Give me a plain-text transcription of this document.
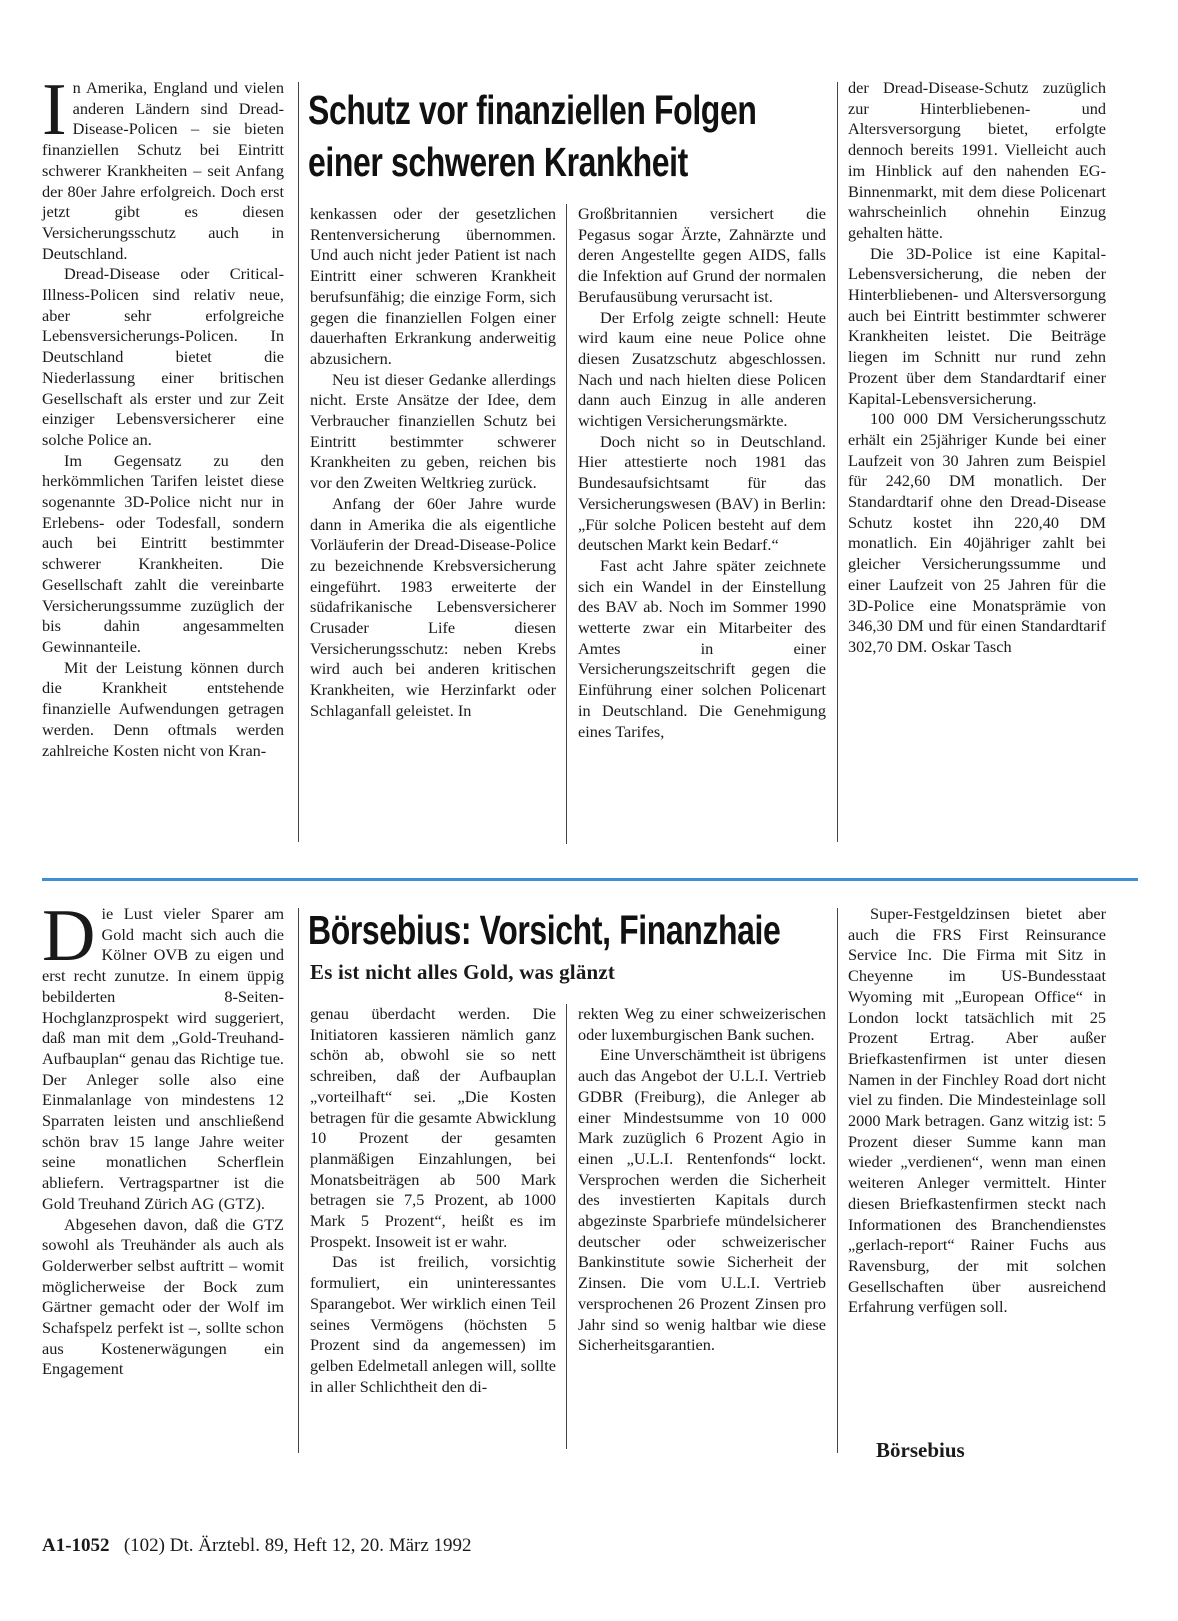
In Amerika, England und vielen anderen Ländern sind Dread-Disease-Policen – sie bieten finanziellen Schutz bei Eintritt schwerer Krankheiten – seit Anfang der 80er Jahre erfolgreich. Doch erst jetzt gibt es diesen Versicherungsschutz auch in Deutschland.

Dread-Disease oder Critical-Illness-Policen sind relativ neue, aber sehr erfolgreiche Lebensversicherungs-Policen. In Deutschland bietet die Niederlassung einer britischen Gesellschaft als erster und zur Zeit einziger Lebensversicherer eine solche Police an.

Im Gegensatz zu den herkömmlichen Tarifen leistet diese sogenannte 3D-Police nicht nur in Erlebens- oder Todesfall, sondern auch bei Eintritt bestimmter schwerer Krankheiten. Die Gesellschaft zahlt die vereinbarte Versicherungssumme zuzüglich der bis dahin angesammelten Gewinnanteile.

Mit der Leistung können durch die Krankheit entstehende finanzielle Aufwendungen getragen werden. Denn oftmals werden zahlreiche Kosten nicht von Kran-

Schutz vor finanziellen Folgen
einer schweren Krankheit

kenkassen oder der gesetzlichen Rentenversicherung übernommen. Und auch nicht jeder Patient ist nach Eintritt einer schweren Krankheit berufsunfähig; die einzige Form, sich gegen die finanziellen Folgen einer dauerhaften Erkrankung anderweitig abzusichern.

Neu ist dieser Gedanke allerdings nicht. Erste Ansätze der Idee, dem Verbraucher finanziellen Schutz bei Eintritt bestimmter schwerer Krankheiten zu geben, reichen bis vor den Zweiten Weltkrieg zurück.

Anfang der 60er Jahre wurde dann in Amerika die als eigentliche Vorläuferin der Dread-Disease-Police zu bezeichnende Krebsversicherung eingeführt. 1983 erweiterte der südafrikanische Lebensversicherer Crusader Life diesen Versicherungsschutz: neben Krebs wird auch bei anderen kritischen Krankheiten, wie Herzinfarkt oder Schlaganfall geleistet. In

Großbritannien versichert die Pegasus sogar Ärzte, Zahnärzte und deren Angestellte gegen AIDS, falls die Infektion auf Grund der normalen Berufausübung verursacht ist.

Der Erfolg zeigte schnell: Heute wird kaum eine neue Police ohne diesen Zusatzschutz abgeschlossen. Nach und nach hielten diese Policen dann auch Einzug in alle anderen wichtigen Versicherungsmärkte.

Doch nicht so in Deutschland. Hier attestierte noch 1981 das Bundesaufsichtsamt für das Versicherungswesen (BAV) in Berlin: „Für solche Policen besteht auf dem deutschen Markt kein Bedarf.“

Fast acht Jahre später zeichnete sich ein Wandel in der Einstellung des BAV ab. Noch im Sommer 1990 wetterte zwar ein Mitarbeiter des Amtes in einer Versicherungszeitschrift gegen die Einführung einer solchen Policenart in Deutschland. Die Genehmigung eines Tarifes,

der Dread-Disease-Schutz zuzüglich zur Hinterbliebenen- und Altersversorgung bietet, erfolgte dennoch bereits 1991. Vielleicht auch im Hinblick auf den nahenden EG-Binnenmarkt, mit dem diese Policenart wahrscheinlich ohnehin Einzug gehalten hätte.

Die 3D-Police ist eine Kapital-Lebensversicherung, die neben der Hinterbliebenen- und Altersversorgung auch bei Eintritt bestimmter schwerer Krankheiten leistet. Die Beiträge liegen im Schnitt nur rund zehn Prozent über dem Standardtarif einer Kapital-Lebensversicherung.

100 000 DM Versicherungsschutz erhält ein 25jähriger Kunde bei einer Laufzeit von 30 Jahren zum Beispiel für 242,60 DM monatlich. Der Standardtarif ohne den Dread-Disease Schutz kostet ihn 220,40 DM monatlich. Ein 40jähriger zahlt bei gleicher Versicherungssumme und einer Laufzeit von 25 Jahren für die 3D-Police eine Monatsprämie von 346,30 DM und für einen Standardtarif 302,70 DM. Oskar Tasch

Die Lust vieler Sparer am Gold macht sich auch die Kölner OVB zu eigen und erst recht zunutze. In einem üppig bebilderten 8-Seiten-Hochglanzprospekt wird suggeriert, daß man mit dem „Gold-Treuhand-Aufbauplan“ genau das Richtige tue. Der Anleger solle also eine Einmalanlage von mindestens 12 Sparraten leisten und anschließend schön brav 15 lange Jahre weiter seine monatlichen Scherflein abliefern. Vertragspartner ist die Gold Treuhand Zürich AG (GTZ).

Abgesehen davon, daß die GTZ sowohl als Treuhänder als auch als Golderwerber selbst auftritt – womit möglicherweise der Bock zum Gärtner gemacht oder der Wolf im Schafspelz perfekt ist –, sollte schon aus Kostenerwägungen ein Engagement

Börsebius: Vorsicht, Finanzhaie
Es ist nicht alles Gold, was glänzt

genau überdacht werden. Die Initiatoren kassieren nämlich ganz schön ab, obwohl sie so nett schreiben, daß der Aufbauplan „vorteilhaft“ sei. „Die Kosten betragen für die gesamte Abwicklung 10 Prozent der gesamten planmäßigen Einzahlungen, bei Monatsbeiträgen ab 500 Mark betragen sie 7,5 Prozent, ab 1000 Mark 5 Prozent“, heißt es im Prospekt. Insoweit ist er wahr.

Das ist freilich, vorsichtig formuliert, ein uninteressantes Sparangebot. Wer wirklich einen Teil seines Vermögens (höchsten 5 Prozent sind da angemessen) im gelben Edelmetall anlegen will, sollte in aller Schlichtheit den di-

rekten Weg zu einer schweizerischen oder luxemburgischen Bank suchen.

Eine Unverschämtheit ist übrigens auch das Angebot der U.L.I. Vertrieb GDBR (Freiburg), die Anleger ab einer Mindestsumme von 10 000 Mark zuzüglich 6 Prozent Agio in einen „U.L.I. Rentenfonds“ lockt. Versprochen werden die Sicherheit des investierten Kapitals durch abgezinste Sparbriefe mündelsicherer deutscher oder schweizerischer Bankinstitute sowie Sicherheit der Zinsen. Die vom U.L.I. Vertrieb versprochenen 26 Prozent Zinsen pro Jahr sind so wenig haltbar wie diese Sicherheitsgarantien.

Super-Festgeldzinsen bietet aber auch die FRS First Reinsurance Service Inc. Die Firma mit Sitz in Cheyenne im US-Bundesstaat Wyoming mit „European Office“ in London lockt tatsächlich mit 25 Prozent Ertrag. Aber außer Briefkastenfirmen ist unter diesen Namen in der Finchley Road dort nicht viel zu finden. Die Mindesteinlage soll 2000 Mark betragen. Ganz witzig ist: 5 Prozent dieser Summe kann man wieder „verdienen“, wenn man einen weiteren Anleger vermittelt. Hinter diesen Briefkastenfirmen steckt nach Informationen des Branchendienstes „gerlach-report“ Rainer Fuchs aus Ravensburg, der mit solchen Gesellschaften über ausreichend Erfahrung verfügen soll.

Börsebius
A1-1052 (102) Dt. Ärztebl. 89, Heft 12, 20. März 1992
